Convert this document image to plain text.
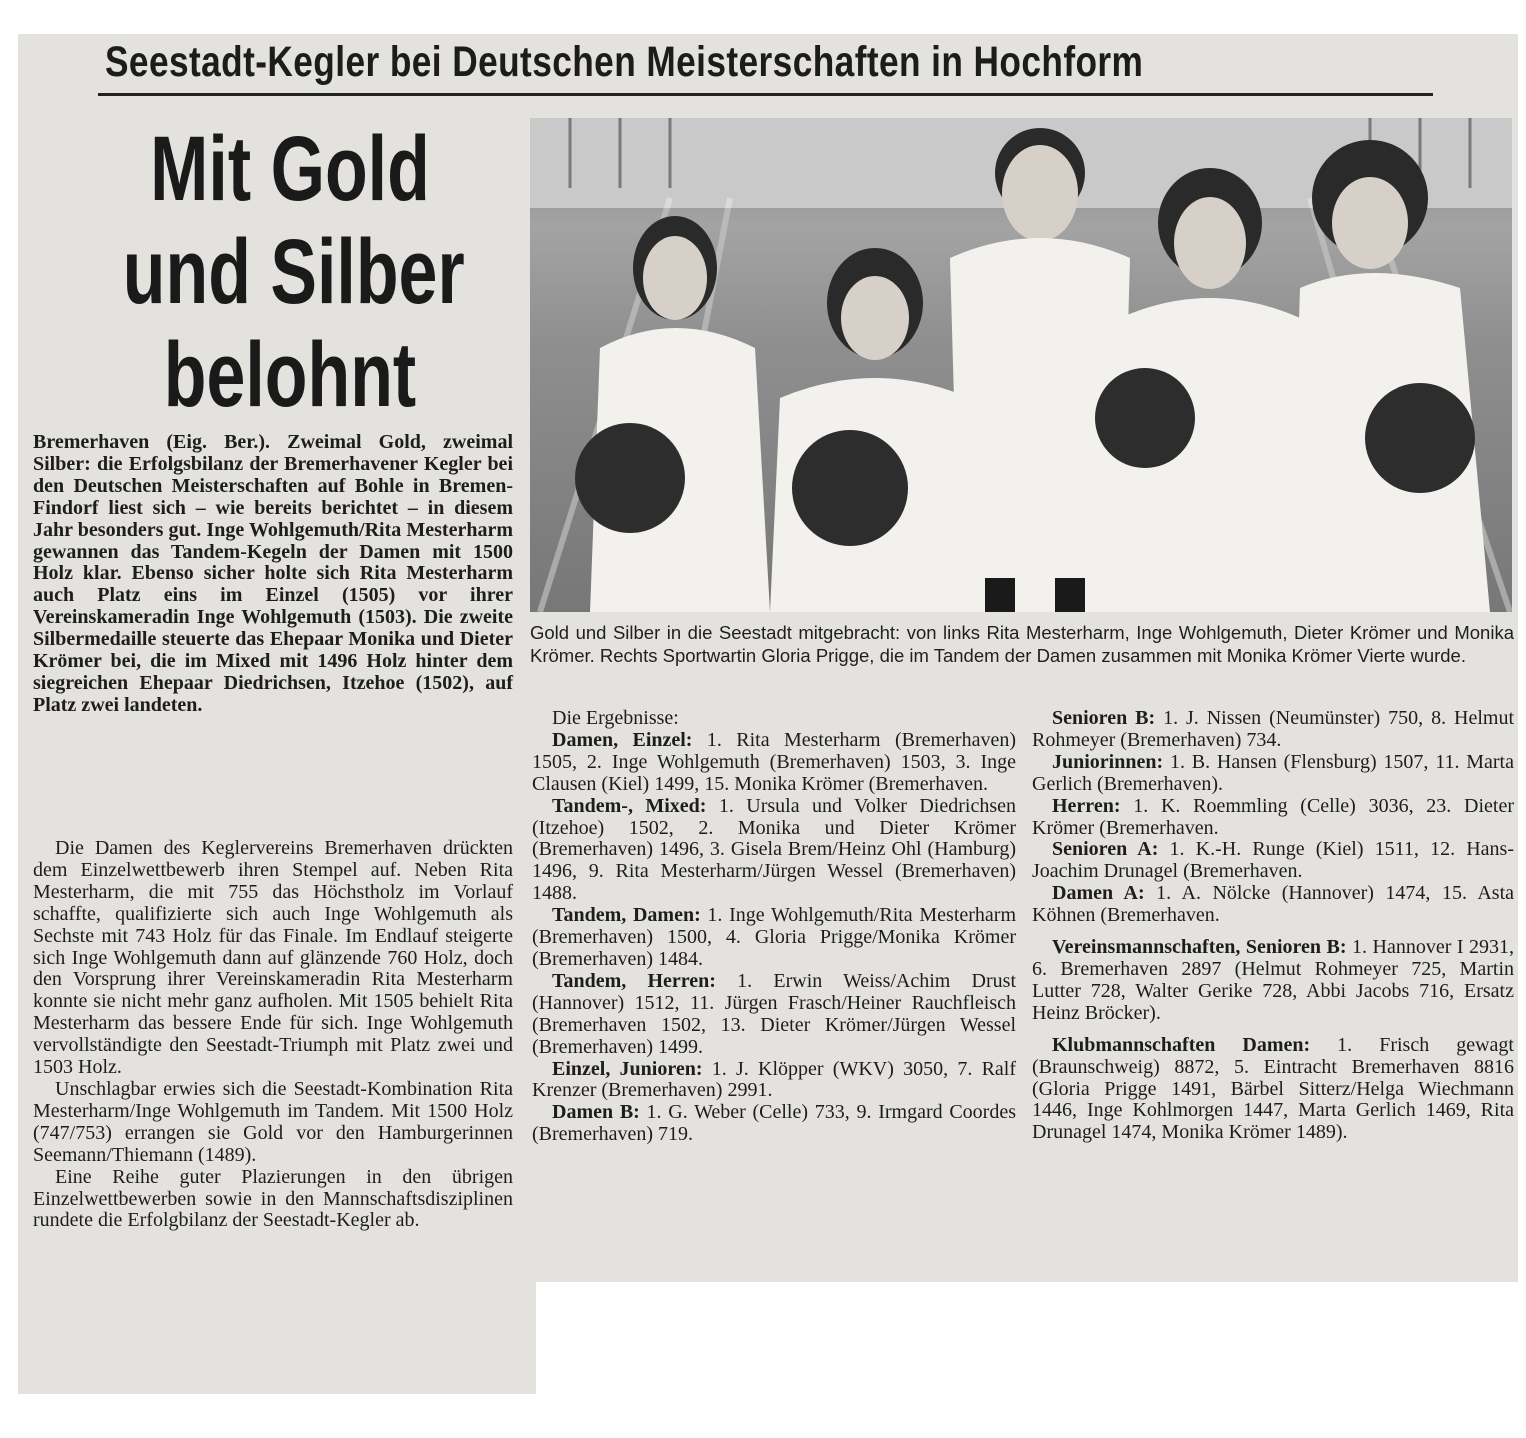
Seestadt-Kegler bei Deutschen Meisterschaften in Hochform
Mit Gold
und Silber
belohnt

Bremerhaven (Eig. Ber.). Zweimal Gold, zweimal Silber: die Erfolgsbilanz der Bremerhavener Kegler bei den Deutschen Meisterschaften auf Bohle in Bremen-Findorf liest sich – wie bereits berichtet – in diesem Jahr besonders gut. Inge Wohlgemuth/Rita Mesterharm gewannen das Tandem-Kegeln der Damen mit 1500 Holz klar. Ebenso sicher holte sich Rita Mesterharm auch Platz eins im Einzel (1505) vor ihrer Vereinskameradin Inge Wohlgemuth (1503). Die zweite Silbermedaille steuerte das Ehepaar Monika und Dieter Krömer bei, die im Mixed mit 1496 Holz hinter dem siegreichen Ehepaar Diedrichsen, Itzehoe (1502), auf Platz zwei landeten.

Die Damen des Keglervereins Bremerhaven drückten dem Einzelwettbewerb ihren Stempel auf. Neben Rita Mesterharm, die mit 755 das Höchstholz im Vorlauf schaffte, qualifizierte sich auch Inge Wohlgemuth als Sechste mit 743 Holz für das Finale. Im Endlauf steigerte sich Inge Wohlgemuth dann auf glänzende 760 Holz, doch den Vorsprung ihrer Vereinskameradin Rita Mesterharm konnte sie nicht mehr ganz aufholen. Mit 1505 behielt Rita Mesterharm das bessere Ende für sich. Inge Wohlgemuth vervollständigte den Seestadt-Triumph mit Platz zwei und 1503 Holz.

Unschlagbar erwies sich die Seestadt-Kombination Rita Mesterharm/Inge Wohlgemuth im Tandem. Mit 1500 Holz (747/753) errangen sie Gold vor den Hamburgerinnen Seemann/Thiemann (1489).

Eine Reihe guter Plazierungen in den übrigen Einzelwettbewerben sowie in den Mannschaftsdisziplinen rundete die Erfolgbilanz der Seestadt-Kegler ab.

Gold und Silber in die Seestadt mitgebracht: von links Rita Mesterharm, Inge Wohlgemuth, Dieter Krömer und Monika Krömer. Rechts Sportwartin Gloria Prigge, die im Tandem der Damen zusammen mit Monika Krömer Vierte wurde.

Die Ergebnisse:

Damen, Einzel: 1. Rita Mesterharm (Bremerhaven) 1505, 2. Inge Wohlgemuth (Bremerhaven) 1503, 3. Inge Clausen (Kiel) 1499, 15. Monika Krömer (Bremerhaven.

Tandem-, Mixed: 1. Ursula und Volker Diedrichsen (Itzehoe) 1502, 2. Monika und Dieter Krömer (Bremerhaven) 1496, 3. Gisela Brem/Heinz Ohl (Hamburg) 1496, 9. Rita Mesterharm/Jürgen Wessel (Bremerhaven) 1488.

Tandem, Damen: 1. Inge Wohlgemuth/Rita Mesterharm (Bremerhaven) 1500, 4. Gloria Prigge/Monika Krömer (Bremerhaven) 1484.

Tandem, Herren: 1. Erwin Weiss/Achim Drust (Hannover) 1512, 11. Jürgen Frasch/Heiner Rauchfleisch (Bremerhaven 1502, 13. Dieter Krömer/Jürgen Wessel (Bremerhaven) 1499.

Einzel, Junioren: 1. J. Klöpper (WKV) 3050, 7. Ralf Krenzer (Bremerhaven) 2991.

Damen B: 1. G. Weber (Celle) 733, 9. Irmgard Coordes (Bremerhaven) 719.

Senioren B: 1. J. Nissen (Neumünster) 750, 8. Helmut Rohmeyer (Bremerhaven) 734.

Juniorinnen: 1. B. Hansen (Flensburg) 1507, 11. Marta Gerlich (Bremerhaven).

Herren: 1. K. Roemmling (Celle) 3036, 23. Dieter Krömer (Bremerhaven.

Senioren A: 1. K.-H. Runge (Kiel) 1511, 12. Hans-Joachim Drunagel (Bremerhaven.

Damen A: 1. A. Nölcke (Hannover) 1474, 15. Asta Köhnen (Bremerhaven.

Vereinsmannschaften, Senioren B: 1. Hannover I 2931, 6. Bremerhaven 2897 (Helmut Rohmeyer 725, Martin Lutter 728, Walter Gerike 728, Abbi Jacobs 716, Ersatz Heinz Bröcker).

Klubmannschaften Damen: 1. Frisch gewagt (Braunschweig) 8872, 5. Eintracht Bremerhaven 8816 (Gloria Prigge 1491, Bärbel Sitterz/Helga Wiechmann 1446, Inge Kohlmorgen 1447, Marta Gerlich 1469, Rita Drunagel 1474, Monika Krömer 1489).
